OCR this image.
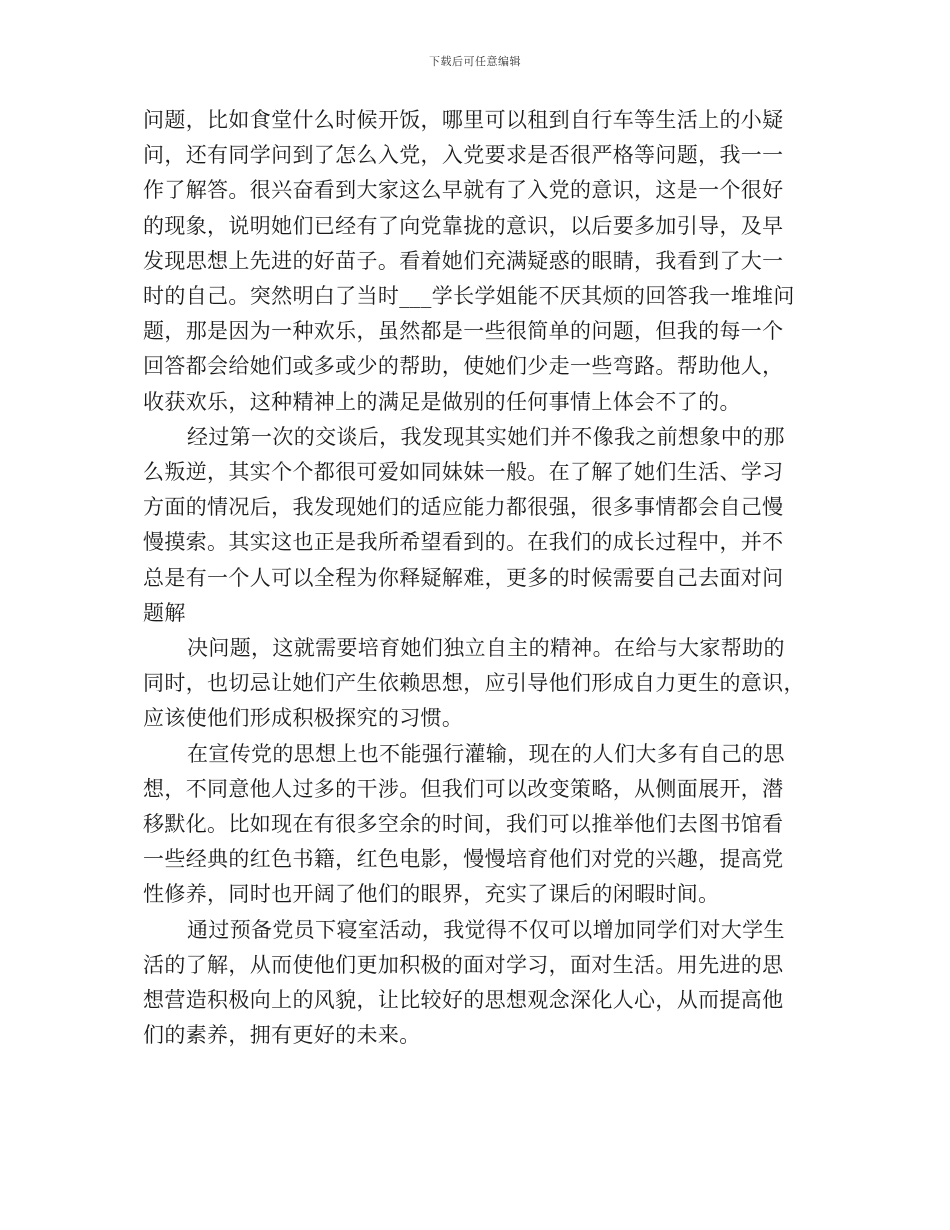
下载后可任意编辑
问题，比如食堂什么时候开饭，哪里可以租到自行车等生活上的小疑
问，还有同学问到了怎么入党，入党要求是否很严格等问题，我一一
作了解答。很兴奋看到大家这么早就有了入党的意识，这是一个很好
的现象，说明她们已经有了向党靠拢的意识，以后要多加引导，及早
发现思想上先进的好苗子。看着她们充满疑惑的眼睛，我看到了大一
时的自己。突然明白了当时___学长学姐能不厌其烦的回答我一堆堆问
题，那是因为一种欢乐，虽然都是一些很简单的问题，但我的每一个
回答都会给她们或多或少的帮助，使她们少走一些弯路。帮助他人，
收获欢乐，这种精神上的满足是做别的任何事情上体会不了的。
经过第一次的交谈后，我发现其实她们并不像我之前想象中的那
么叛逆，其实个个都很可爱如同妹妹一般。在了解了她们生活、学习
方面的情况后，我发现她们的适应能力都很强，很多事情都会自己慢
慢摸索。其实这也正是我所希望看到的。在我们的成长过程中，并不
总是有一个人可以全程为你释疑解难，更多的时候需要自己去面对问
题解
决问题，这就需要培育她们独立自主的精神。在给与大家帮助的
同时，也切忌让她们产生依赖思想，应引导他们形成自力更生的意识，
应该使他们形成积极探究的习惯。
在宣传党的思想上也不能强行灌输，现在的人们大多有自己的思
想，不同意他人过多的干涉。但我们可以改变策略，从侧面展开，潜
移默化。比如现在有很多空余的时间，我们可以推举他们去图书馆看
一些经典的红色书籍，红色电影，慢慢培育他们对党的兴趣，提高党
性修养，同时也开阔了他们的眼界，充实了课后的闲暇时间。
通过预备党员下寝室活动，我觉得不仅可以增加同学们对大学生
活的了解，从而使他们更加积极的面对学习，面对生活。用先进的思
想营造积极向上的风貌，让比较好的思想观念深化人心，从而提高他
们的素养，拥有更好的未来。
